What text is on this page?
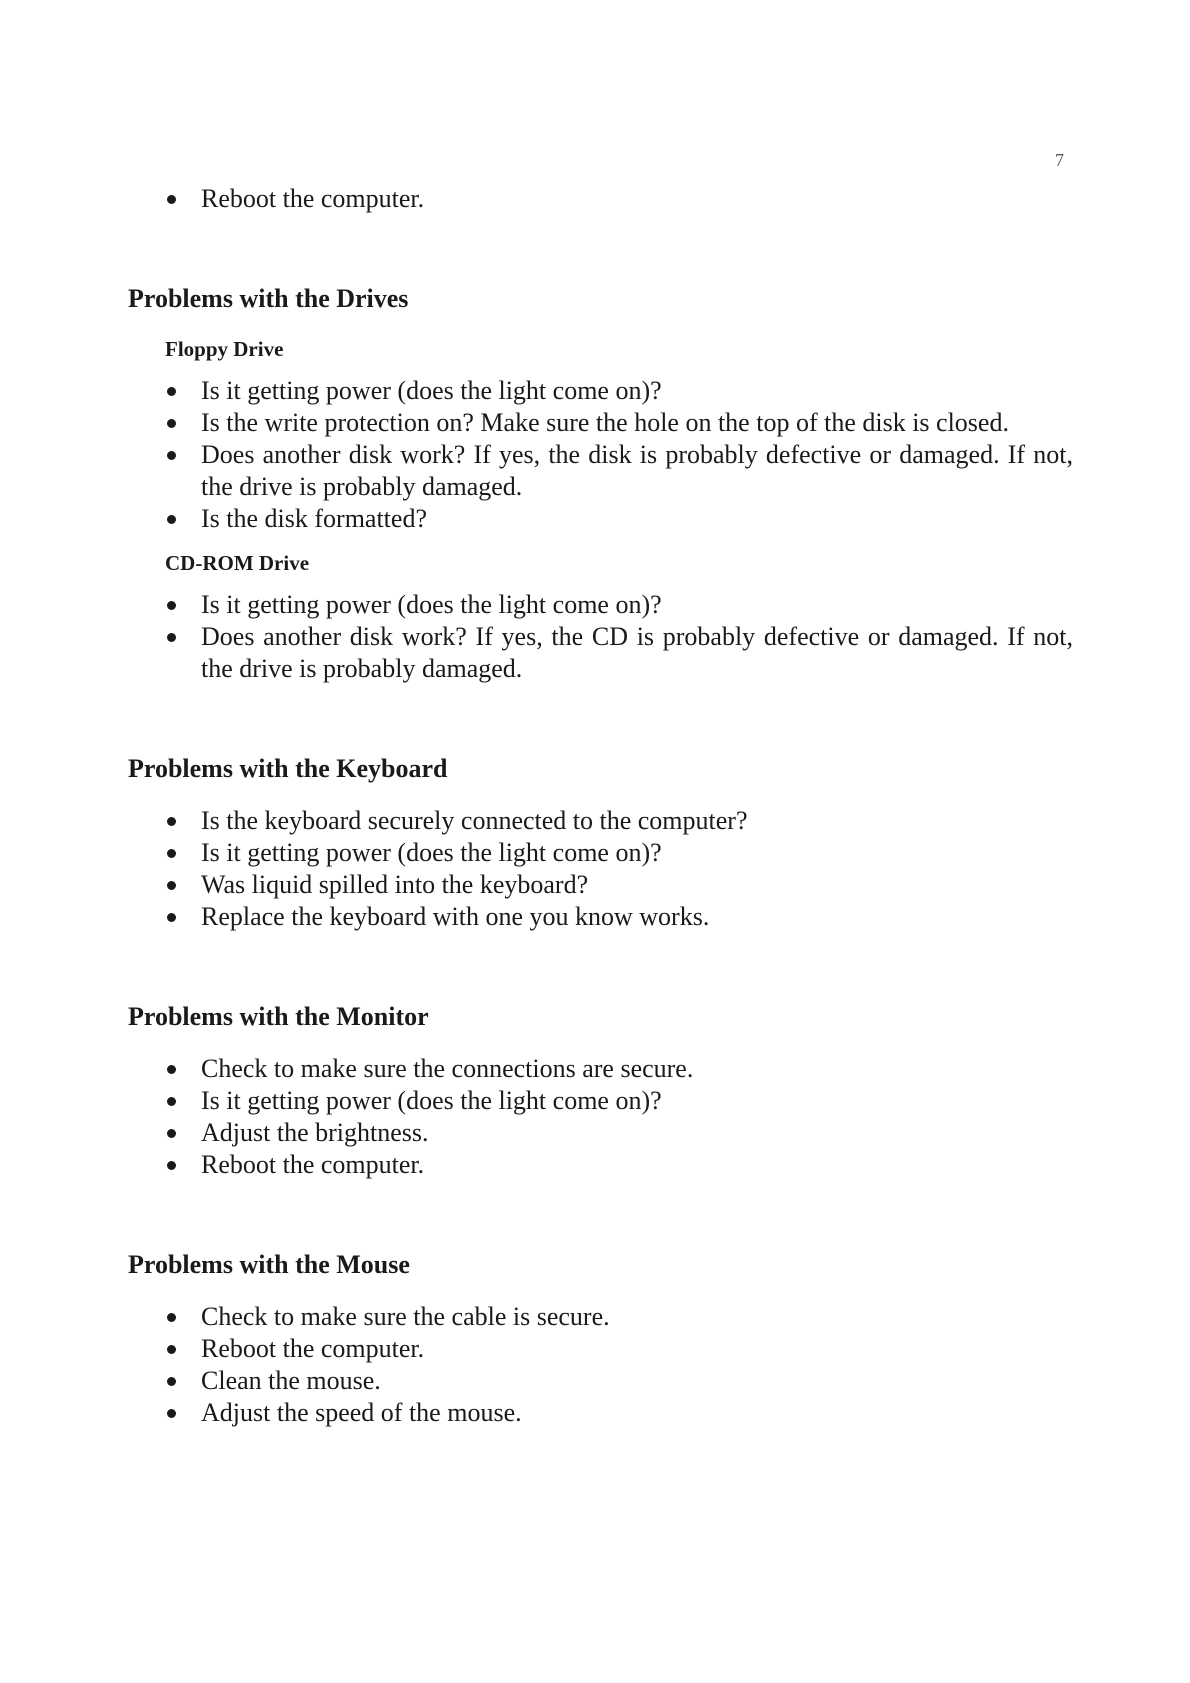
7
Reboot the computer.
Problems with the Drives
Floppy Drive
Is it getting power (does the light come on)?
Is the write protection on? Make sure the hole on the top of the disk is closed.
Does another disk work? If yes, the disk is probably defective or damaged. If not, the drive is probably damaged.
Is the disk formatted?
CD-ROM Drive
Is it getting power (does the light come on)?
Does another disk work? If yes, the CD is probably defective or damaged. If not, the drive is probably damaged.
Problems with the Keyboard
Is the keyboard securely connected to the computer?
Is it getting power (does the light come on)?
Was liquid spilled into the keyboard?
Replace the keyboard with one you know works.
Problems with the Monitor
Check to make sure the connections are secure.
Is it getting power (does the light come on)?
Adjust the brightness.
Reboot the computer.
Problems with the Mouse
Check to make sure the cable is secure.
Reboot the computer.
Clean the mouse.
Adjust the speed of the mouse.
